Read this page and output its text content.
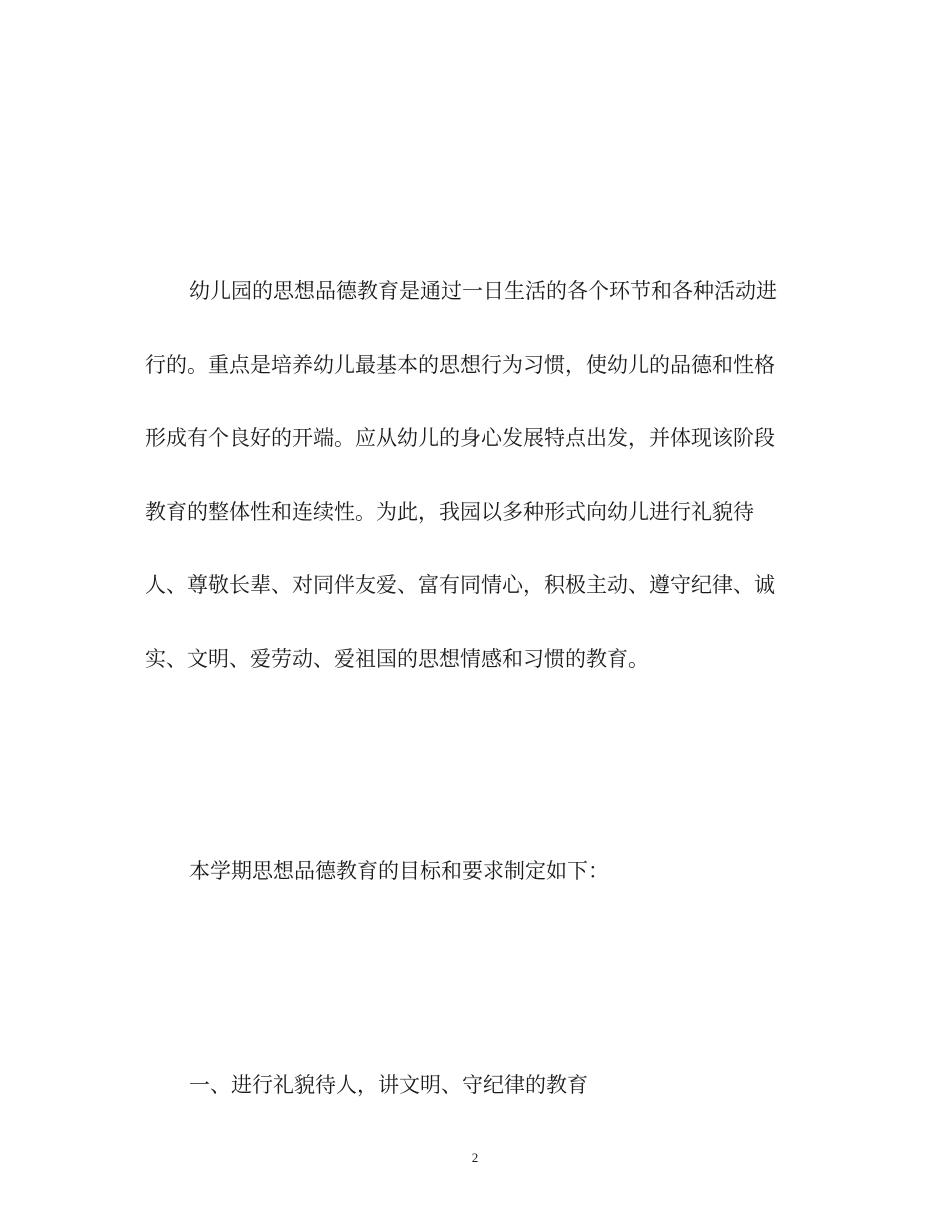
幼儿园的思想品德教育是通过一日生活的各个环节和各种活动进
行的。重点是培养幼儿最基本的思想行为习惯，使幼儿的品德和性格
形成有个良好的开端。应从幼儿的身心发展特点出发，并体现该阶段
教育的整体性和连续性。为此，我园以多种形式向幼儿进行礼貌待
人、尊敬长辈、对同伴友爱、富有同情心，积极主动、遵守纪律、诚
实、文明、爱劳动、爱祖国的思想情感和习惯的教育。

本学期思想品德教育的目标和要求制定如下：

一、进行礼貌待人，讲文明、守纪律的教育

2
